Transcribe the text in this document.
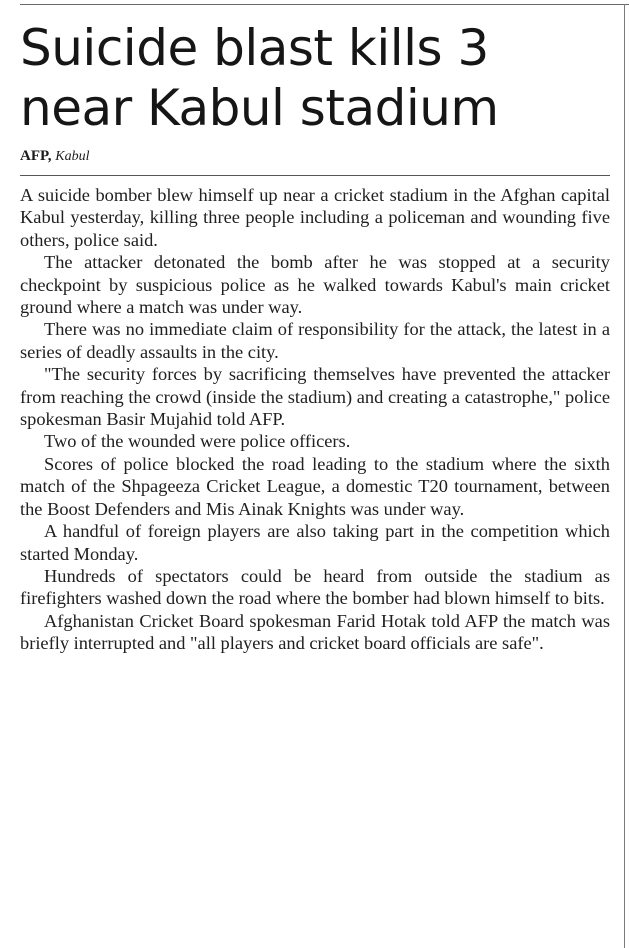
Suicide blast kills 3 near Kabul stadium
AFP, Kabul

A suicide bomber blew himself up near a cricket stadium in the Afghan capital Kabul yesterday, killing three people including a policeman and wounding five others, police said.

The attacker detonated the bomb after he was stopped at a security checkpoint by suspicious police as he walked towards Kabul's main cricket ground where a match was under way.

There was no immediate claim of responsibility for the attack, the latest in a series of deadly assaults in the city.

"The security forces by sacrificing themselves have prevented the attacker from reaching the crowd (inside the stadium) and creating a catastrophe," police spokesman Basir Mujahid told AFP.

Two of the wounded were police officers.

Scores of police blocked the road leading to the stadium where the sixth match of the Shpageeza Cricket League, a domestic T20 tournament, between the Boost Defenders and Mis Ainak Knights was under way.

A handful of foreign players are also taking part in the competition which started Monday.

Hundreds of spectators could be heard from outside the stadium as firefighters washed down the road where the bomber had blown himself to bits.

Afghanistan Cricket Board spokesman Farid Hotak told AFP the match was briefly interrupted and "all players and cricket board officials are safe".
